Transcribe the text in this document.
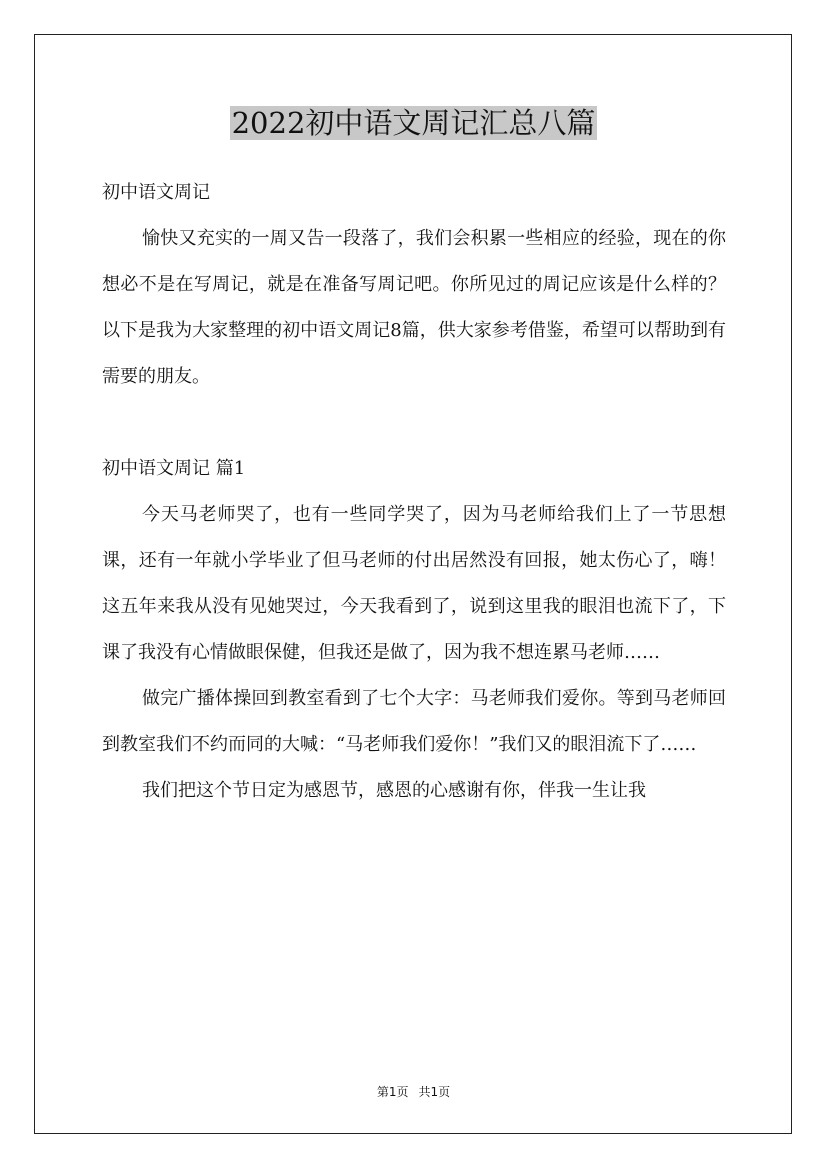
2022初中语文周记汇总八篇

初中语文周记

愉快又充实的一周又告一段落了，我们会积累一些相应的经验，现在的你想必不是在写周记，就是在准备写周记吧。你所见过的周记应该是什么样的？以下是我为大家整理的初中语文周记8篇，供大家参考借鉴，希望可以帮助到有需要的朋友。

初中语文周记 篇1

今天马老师哭了，也有一些同学哭了，因为马老师给我们上了一节思想课，还有一年就小学毕业了但马老师的付出居然没有回报，她太伤心了，嗨！这五年来我从没有见她哭过，今天我看到了，说到这里我的眼泪也流下了，下课了我没有心情做眼保健，但我还是做了，因为我不想连累马老师……

做完广播体操回到教室看到了七个大字：马老师我们爱你。等到马老师回到教室我们不约而同的大喊：“马老师我们爱你！”我们又的眼泪流下了……

我们把这个节日定为感恩节，感恩的心感谢有你，伴我一生让我

第1页 共1页
